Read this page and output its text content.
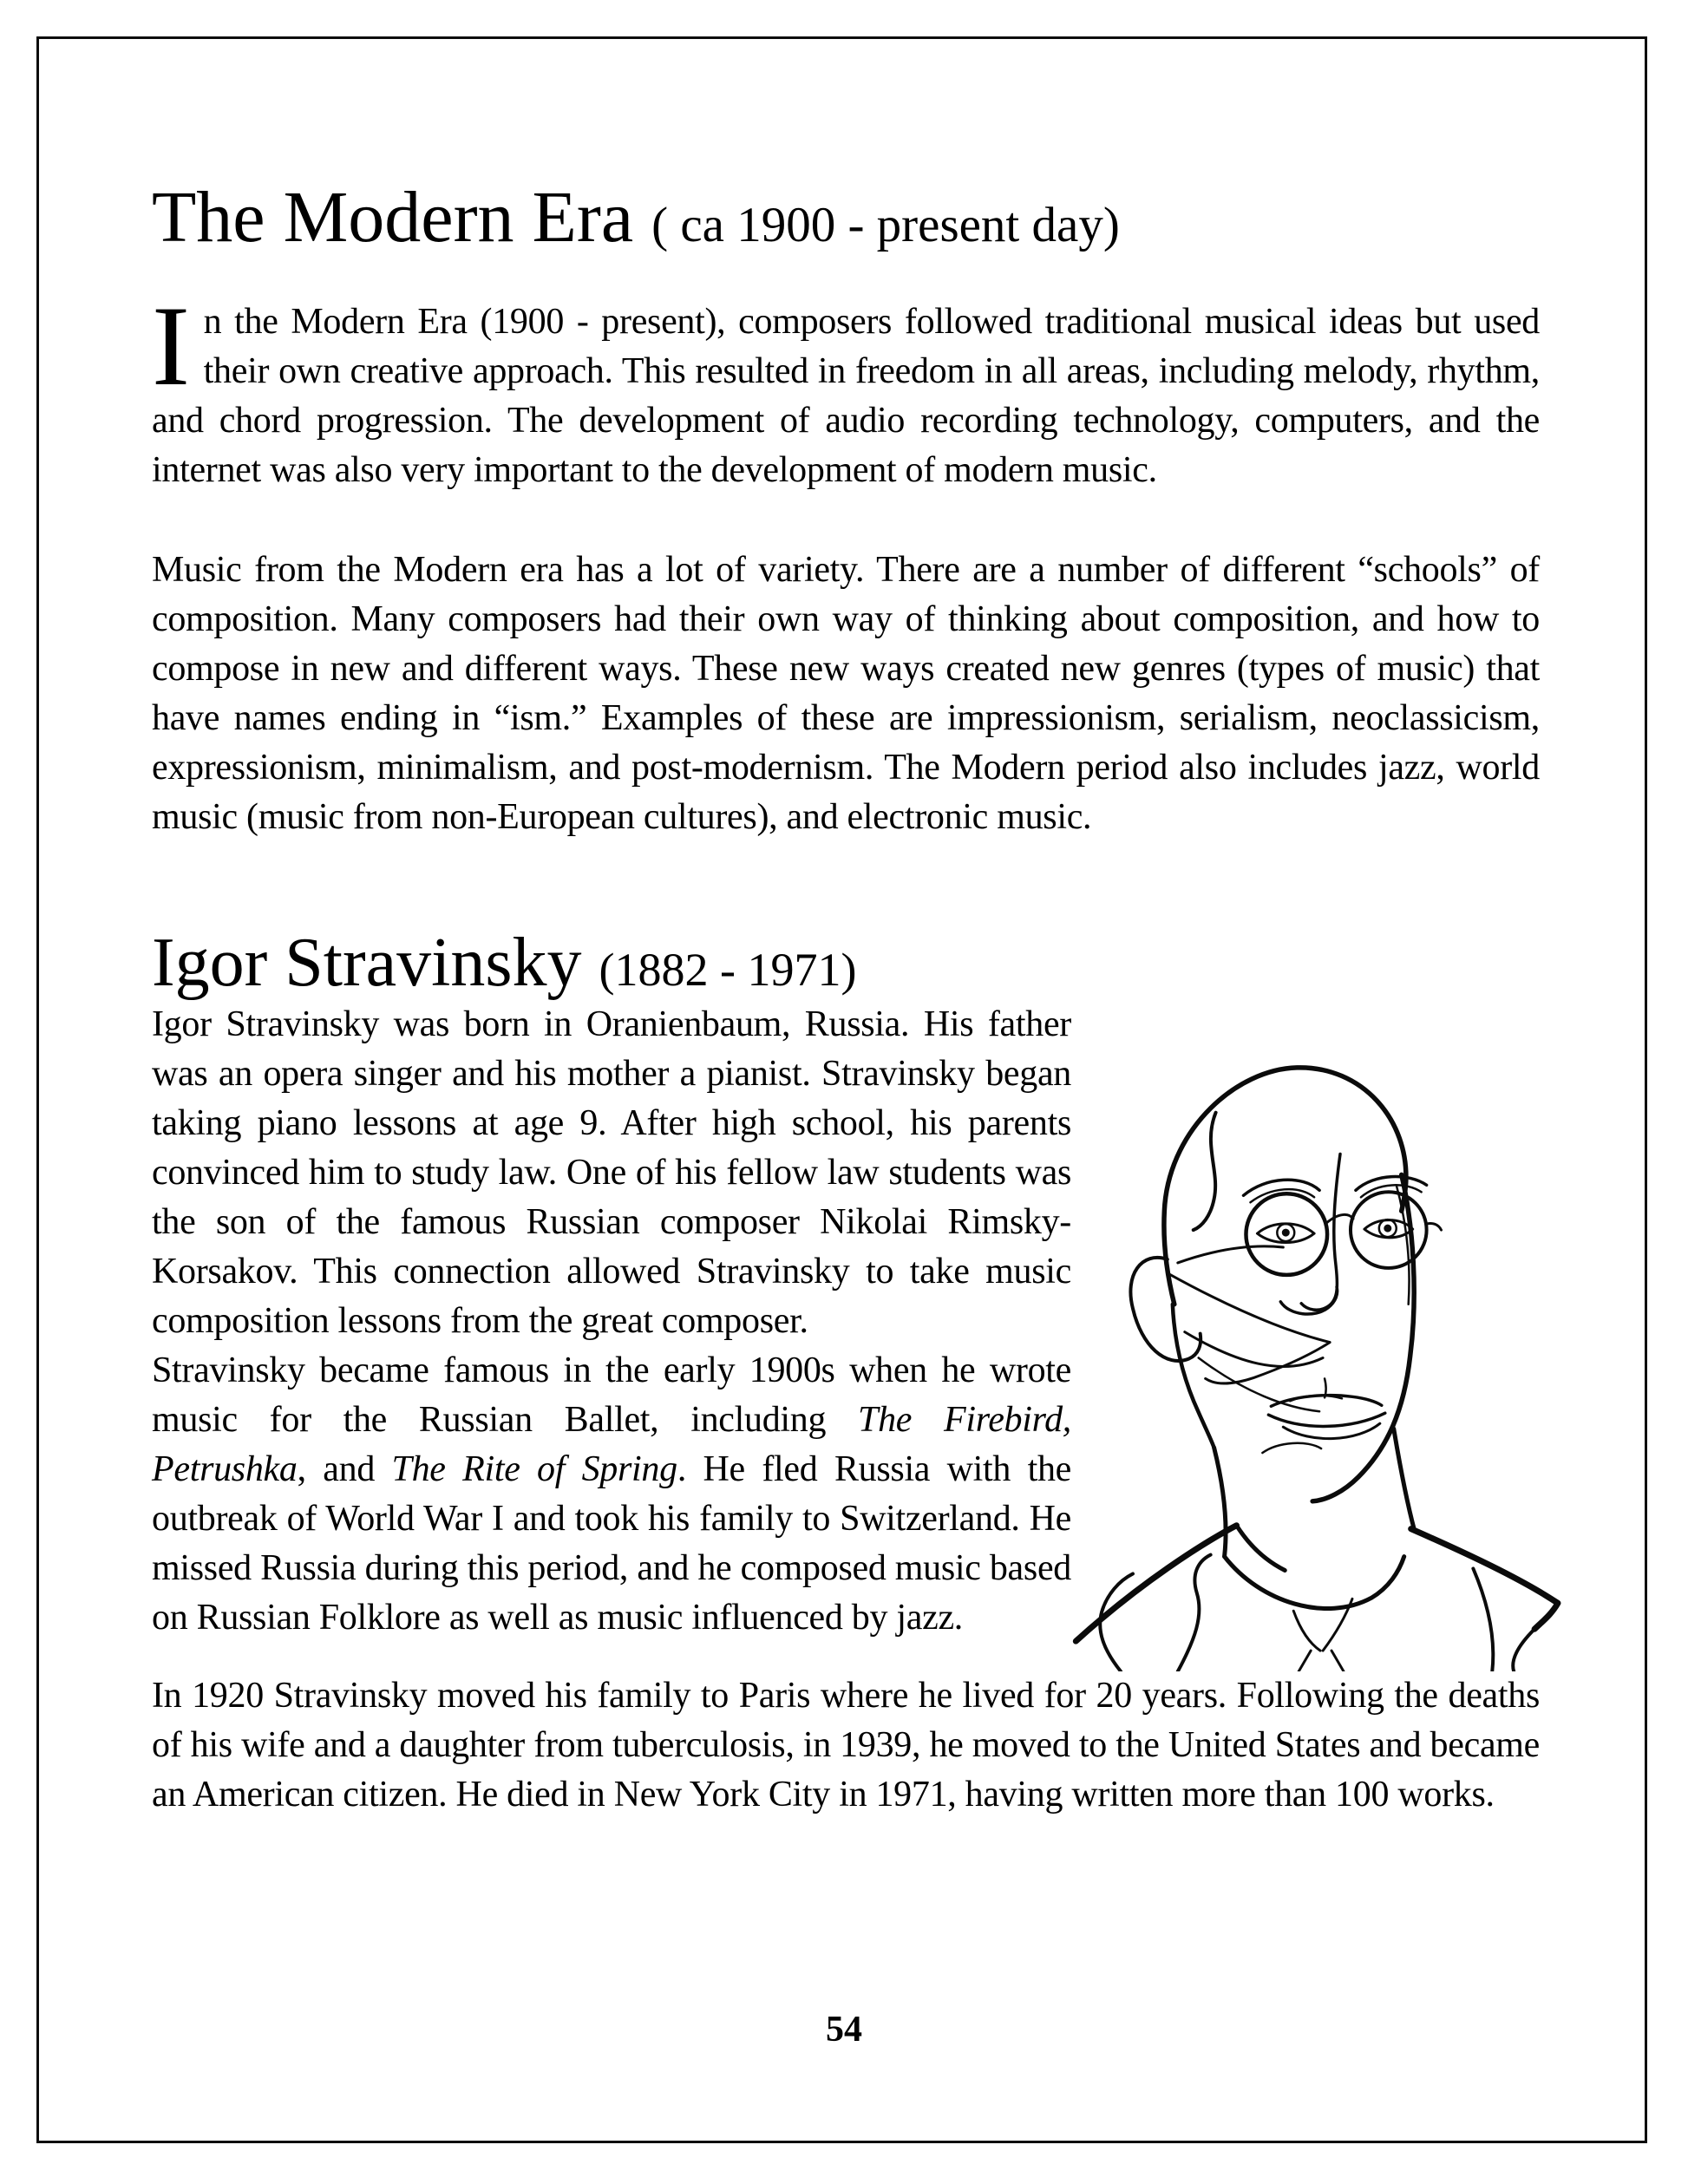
The Modern Era ( ca 1900 - present day)

In the Modern Era (1900 - present), composers followed traditional musical ideas but used their own creative approach. This resulted in freedom in all areas, including melody, rhythm, and chord progression. The development of audio recording technology, computers, and the internet was also very important to the development of modern music.

Music from the Modern era has a lot of variety. There are a number of different “schools” of composition. Many composers had their own way of thinking about composition, and how to compose in new and different ways. These new ways created new genres (types of music) that have names ending in “ism.” Examples of these are impressionism, serialism, neoclassicism, expressionism, minimalism, and post-modernism. The Modern period also includes jazz, world music (music from non-European cultures), and electronic music.

Igor Stravinsky (1882 - 1971)

Igor Stravinsky was born in Oranienbaum, Russia. His father was an opera singer and his mother a pianist. Stravinsky began taking piano lessons at age 9. After high school, his parents convinced him to study law. One of his fellow law students was the son of the famous Russian composer Nikolai Rimsky-Korsakov. This connection allowed Stravinsky to take music composition lessons from the great composer.

Stravinsky became famous in the early 1900s when he wrote music for the Russian Ballet, including The Firebird, Petrushka, and The Rite of Spring. He fled Russia with the outbreak of World War I and took his family to Switzerland. He missed Russia during this period, and he composed music based on Russian Folklore as well as music influenced by jazz.

In 1920 Stravinsky moved his family to Paris where he lived for 20 years. Following the deaths of his wife and a daughter from tuberculosis, in 1939, he moved to the United States and became an American citizen. He died in New York City in 1971, having written more than 100 works.

54
